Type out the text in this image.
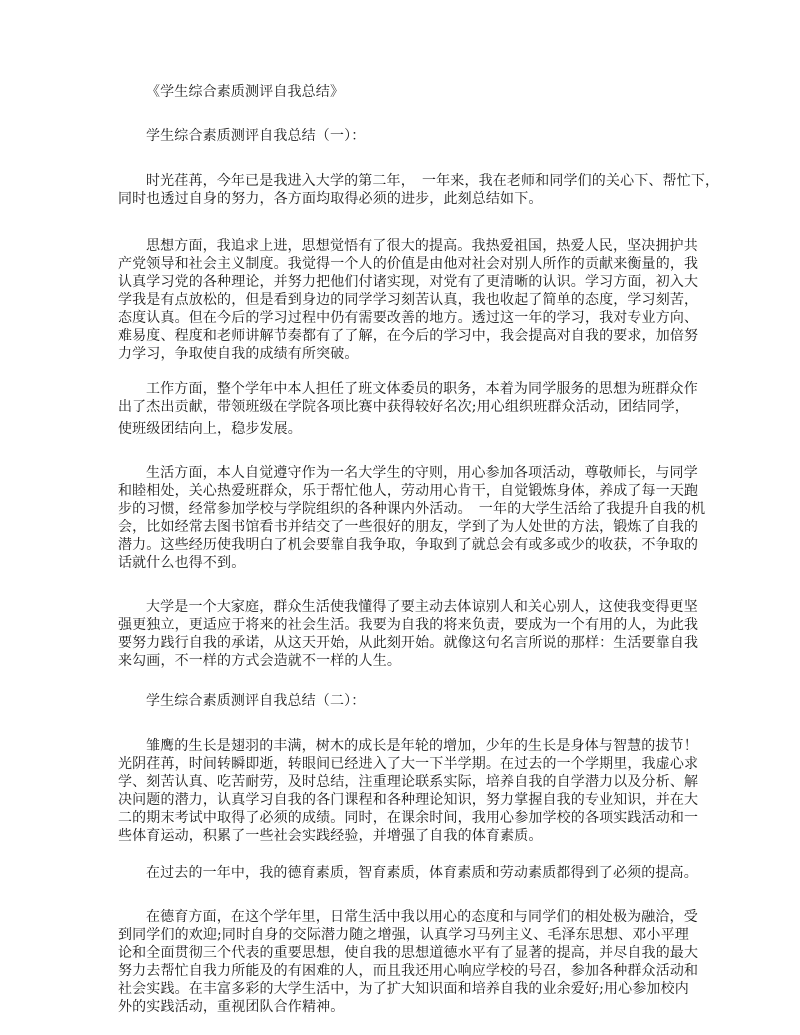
《学生综合素质测评自我总结》
学生综合素质测评自我总结（一）：
时光荏苒，今年已是我进入大学的第二年，　一年来，我在老师和同学们的关心下、帮忙下，
同时也透过自身的努力，各方面均取得必须的进步，此刻总结如下。
思想方面，我追求上进，思想觉悟有了很大的提高。我热爱祖国，热爱人民，坚决拥护共
产党领导和社会主义制度。我觉得一个人的价值是由他对社会对别人所作的贡献来衡量的，我
认真学习党的各种理论，并努力把他们付诸实现，对党有了更清晰的认识。学习方面，初入大
学我是有点放松的，但是看到身边的同学学习刻苦认真，我也收起了简单的态度，学习刻苦，
态度认真。但在今后的学习过程中仍有需要改善的地方。透过这一年的学习，我对专业方向、
难易度、程度和老师讲解节奏都有了了解，在今后的学习中，我会提高对自我的要求，加倍努
力学习，争取使自我的成绩有所突破。
工作方面，整个学年中本人担任了班文体委员的职务，本着为同学服务的思想为班群众作
出了杰出贡献，带领班级在学院各项比赛中获得较好名次;用心组织班群众活动，团结同学，
使班级团结向上，稳步发展。
生活方面，本人自觉遵守作为一名大学生的守则，用心参加各项活动，尊敬师长，与同学
和睦相处，关心热爱班群众，乐于帮忙他人，劳动用心肯干，自觉锻炼身体，养成了每一天跑
步的习惯，经常参加学校与学院组织的各种课内外活动。　一年的大学生活给了我提升自我的机
会，比如经常去图书馆看书并结交了一些很好的朋友，学到了为人处世的方法，锻炼了自我的
潜力。这些经历使我明白了机会要靠自我争取，争取到了就总会有或多或少的收获，不争取的
话就什么也得不到。
大学是一个大家庭，群众生活使我懂得了要主动去体谅别人和关心别人，这使我变得更坚
强更独立，更适应于将来的社会生活。我要为自我的将来负责，要成为一个有用的人，为此我
要努力践行自我的承诺，从这天开始，从此刻开始。就像这句名言所说的那样：生活要靠自我
来勾画，不一样的方式会造就不一样的人生。
学生综合素质测评自我总结（二）：
雏鹰的生长是翅羽的丰满，树木的成长是年轮的增加，少年的生长是身体与智慧的拔节！
光阴荏苒，时间转瞬即逝，转眼间已经进入了大一下半学期。在过去的一个学期里，我虚心求
学、刻苦认真、吃苦耐劳，及时总结，注重理论联系实际，培养自我的自学潜力以及分析、解
决问题的潜力，认真学习自我的各门课程和各种理论知识，努力掌握自我的专业知识，并在大
二的期末考试中取得了必须的成绩。同时，在课余时间，我用心参加学校的各项实践活动和一
些体育运动，积累了一些社会实践经验，并增强了自我的体育素质。
在过去的一年中，我的德育素质，智育素质，体育素质和劳动素质都得到了必须的提高。
在德育方面，在这个学年里，日常生活中我以用心的态度和与同学们的相处极为融洽，受
到同学们的欢迎;同时自身的交际潜力随之增强，认真学习马列主义、毛泽东思想、邓小平理
论和全面贯彻三个代表的重要思想，使自我的思想道德水平有了显著的提高，并尽自我的最大
努力去帮忙自我力所能及的有困难的人，而且我还用心响应学校的号召，参加各种群众活动和
社会实践。在丰富多彩的大学生活中，为了扩大知识面和培养自我的业余爱好;用心参加校内
外的实践活动，重视团队合作精神。
